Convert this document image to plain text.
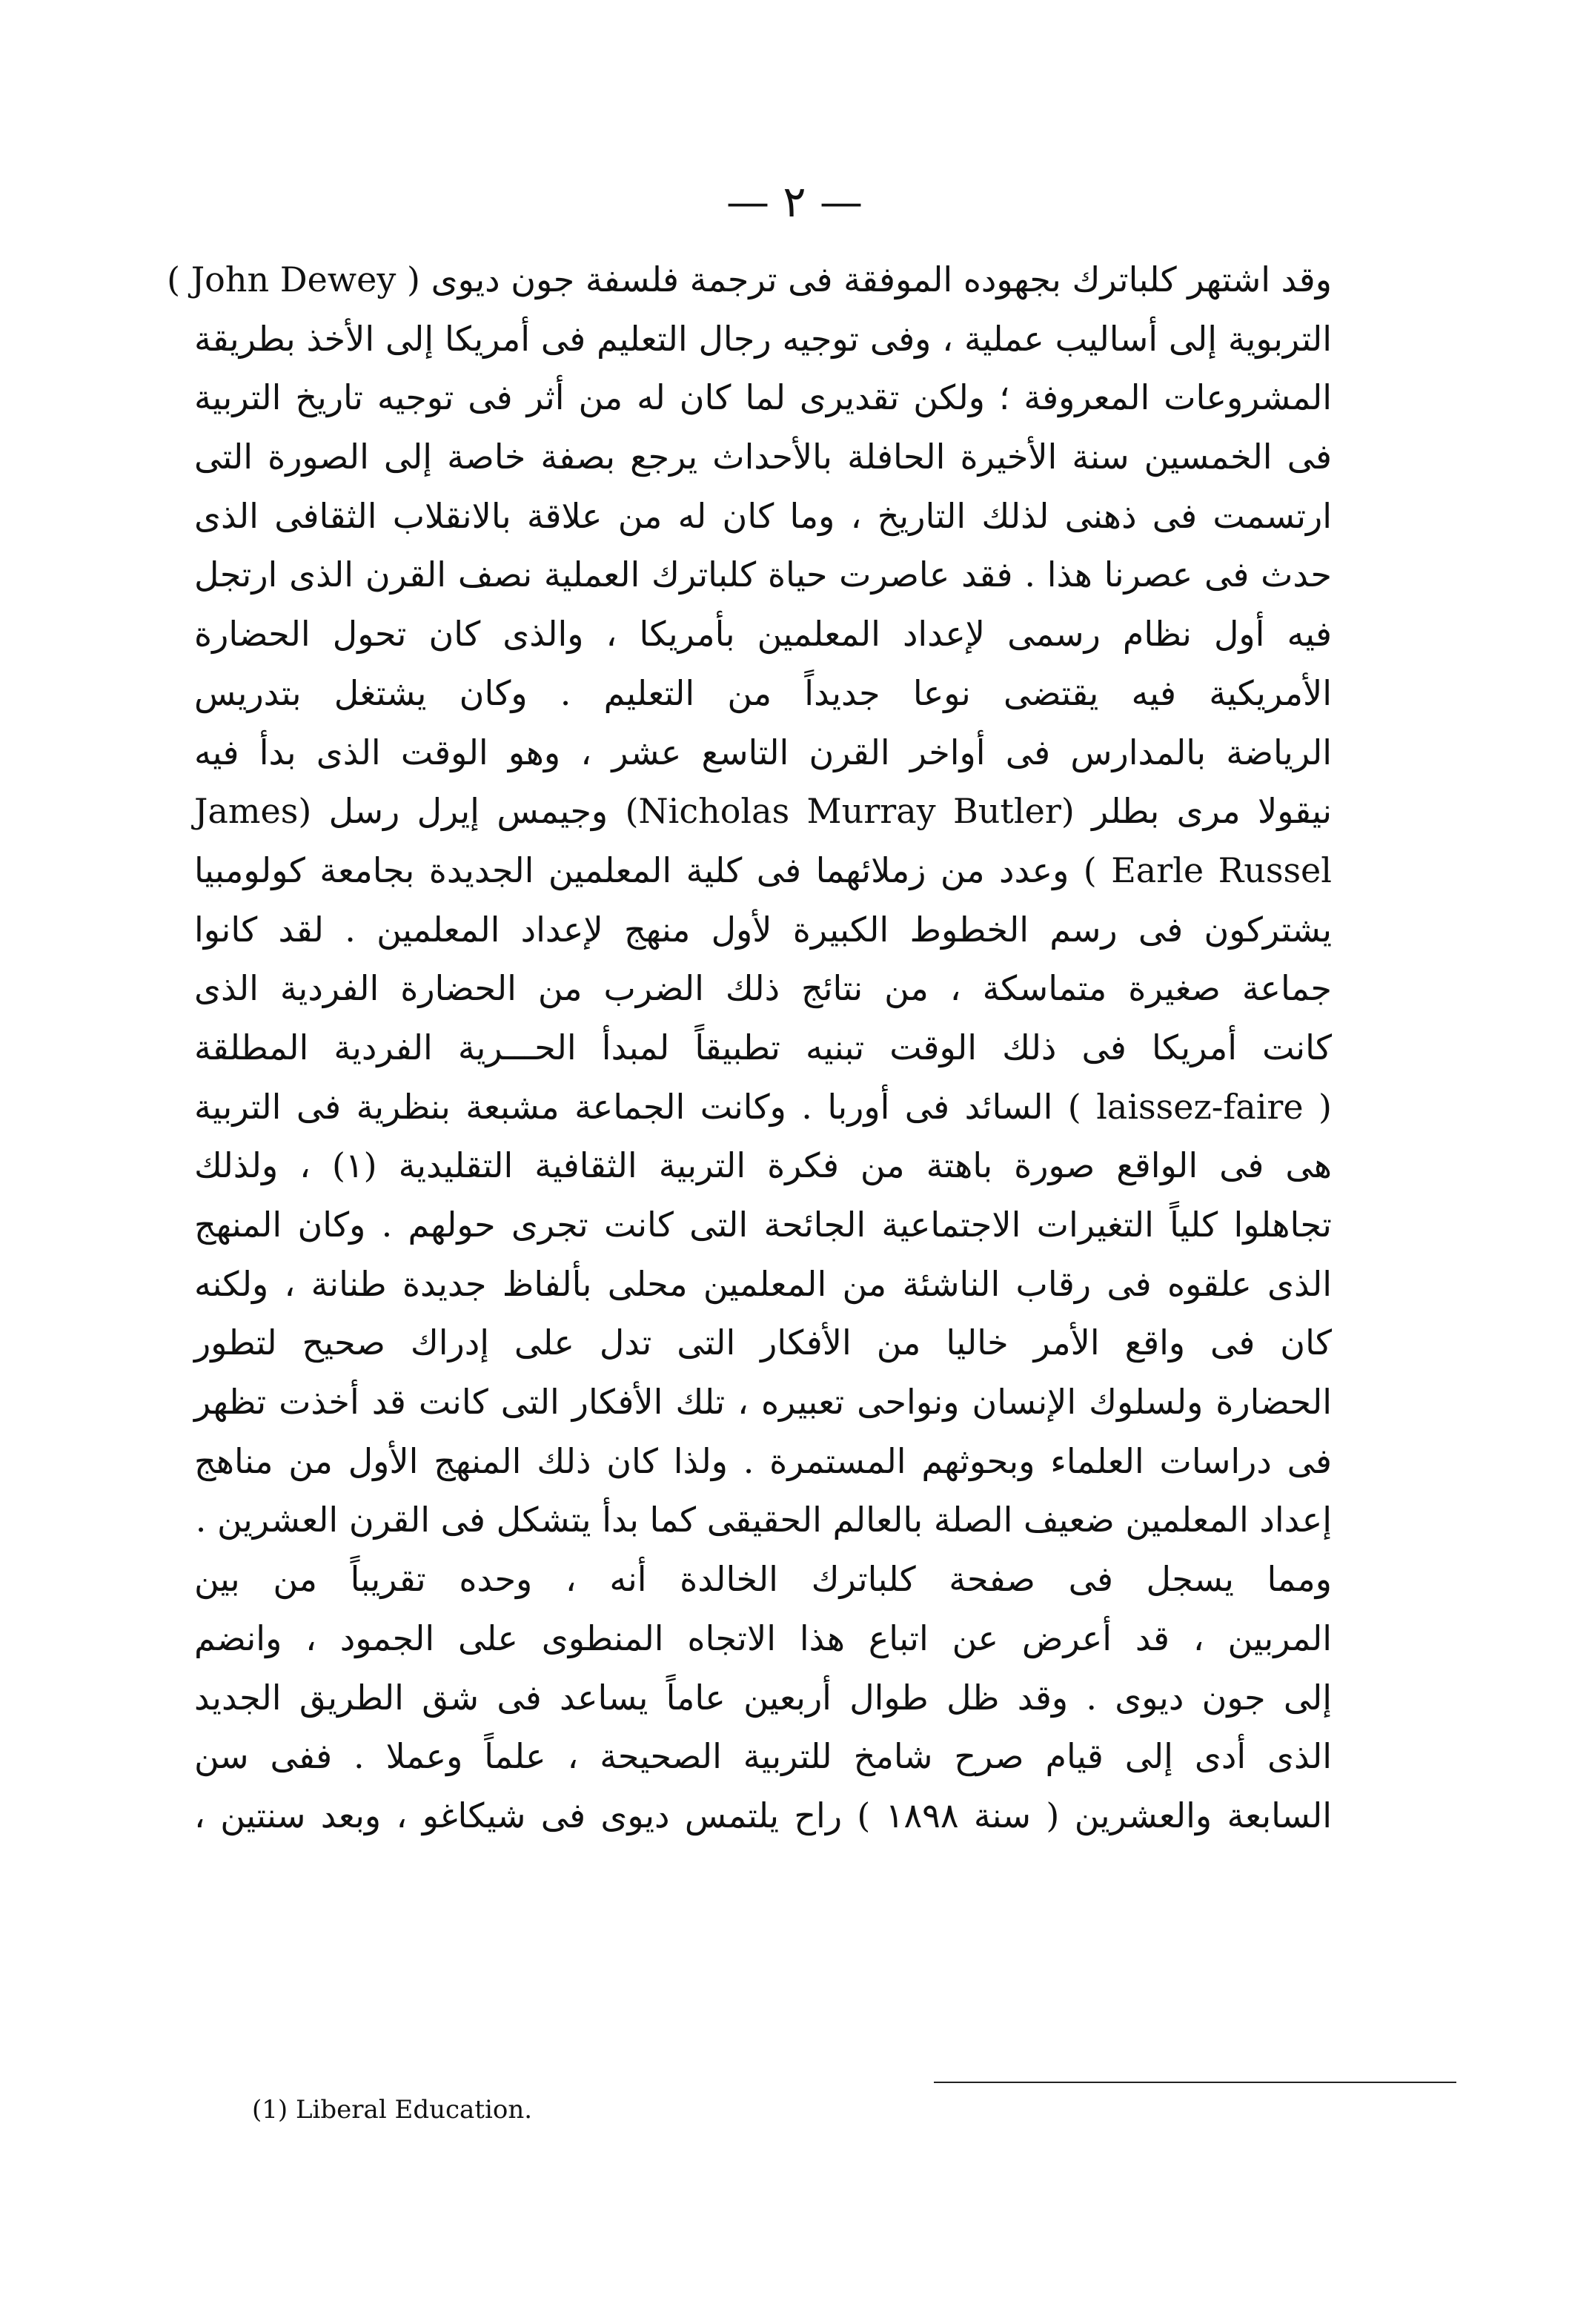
— ٢ —
وقد اشتهر كلباترك بجهوده الموفقة فى ترجمة فلسفة جون ديوى ( John Dewey )
التربوية إلى أساليب عملية ، وفى توجيه رجال التعليم فى أمريكا إلى الأخذ بطريقة
المشروعات المعروفة ؛ ولكن تقديرى لما كان له من أثر فى توجيه تاريخ التربية
فى الخمسين سنة الأخيرة الحافلة بالأحداث يرجع بصفة خاصة إلى الصورة التى
ارتسمت فى ذهنى لذلك التاريخ ، وما كان له من علاقة بالانقلاب الثقافى الذى
حدث فى عصرنا هذا . فقد عاصرت حياة كلباترك العملية نصف القرن الذى ارتجل
فيه أول نظام رسمى لإعداد المعلمين بأمريكا ، والذى كان تحول الحضارة
الأمريكية فيه يقتضى نوعا جديداً من التعليم . وكان يشتغل بتدريس
الرياضة بالمدارس فى أواخر القرن التاسع عشر ، وهو الوقت الذى بدأ فيه
نيقولا مرى بطلر (Nicholas Murray Butler) وجيمس إيرل رسل (James
Earle Russel ) وعدد من زملائهما فى كلية المعلمين الجديدة بجامعة كولومبيا
يشتركون فى رسم الخطوط الكبيرة لأول منهج لإعداد المعلمين . لقد كانوا
جماعة صغيرة متماسكة ، من نتائج ذلك الضرب من الحضارة الفردية الذى
كانت أمريكا فى ذلك الوقت تبنيه تطبيقاً لمبدأ الحـــرية الفردية المطلقة
( laissez-faire ) السائد فى أوربا . وكانت الجماعة مشبعة بنظرية فى التربية
هى فى الواقع صورة باهتة من فكرة التربية الثقافية التقليدية (١) ، ولذلك
تجاهلوا كلياً التغيرات الاجتماعية الجائحة التى كانت تجرى حولهم . وكان المنهج
الذى علقوه فى رقاب الناشئة من المعلمين محلى بألفاظ جديدة طنانة ، ولكنه
كان فى واقع الأمر خاليا من الأفكار التى تدل على إدراك صحيح لتطور
الحضارة ولسلوك الإنسان ونواحى تعبيره ، تلك الأفكار التى كانت قد أخذت تظهر
فى دراسات العلماء وبحوثهم المستمرة . ولذا كان ذلك المنهج الأول من مناهج
إعداد المعلمين ضعيف الصلة بالعالم الحقيقى كما بدأ يتشكل فى القرن العشرين .
ومما يسجل فى صفحة كلباترك الخالدة أنه ، وحده تقريباً من بين
المربين ، قد أعرض عن اتباع هذا الاتجاه المنطوى على الجمود ، وانضم
إلى جون ديوى . وقد ظل طوال أربعين عاماً يساعد فى شق الطريق الجديد
الذى أدى إلى قيام صرح شامخ للتربية الصحيحة ، علماً وعملا . ففى سن
السابعة والعشرين ( سنة ١٨٩٨ ) راح يلتمس ديوى فى شيكاغو ، وبعد سنتين ،
(1) Liberal Education.
